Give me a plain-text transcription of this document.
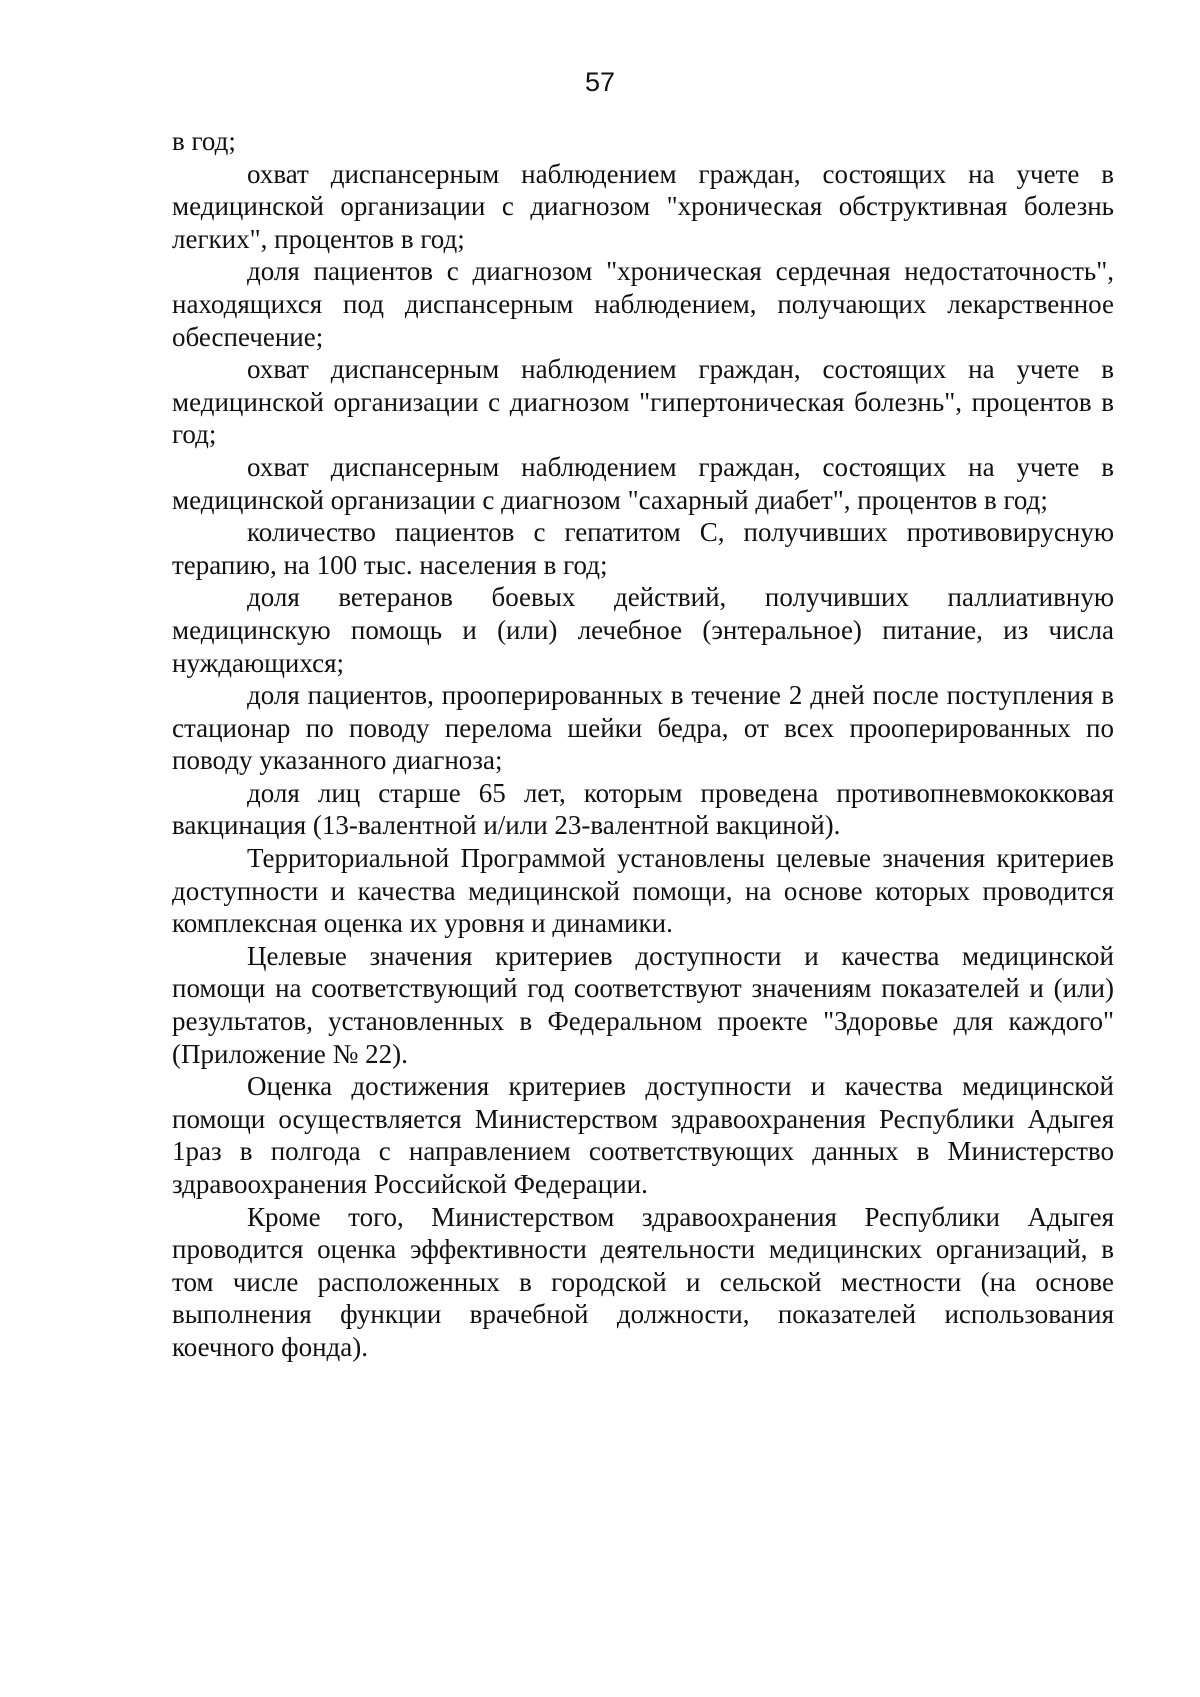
57

в год;

охват диспансерным наблюдением граждан, состоящих на учете в медицинской организации с диагнозом "хроническая обструктивная болезнь легких", процентов в год;

доля пациентов с диагнозом "хроническая сердечная недостаточность", находящихся под диспансерным наблюдением, получающих лекарственное обеспечение;

охват диспансерным наблюдением граждан, состоящих на учете в медицинской организации с диагнозом "гипертоническая болезнь", процентов в год;

охват диспансерным наблюдением граждан, состоящих на учете в медицинской организации с диагнозом "сахарный диабет", процентов в год;

количество пациентов с гепатитом С, получивших противовирусную терапию, на 100 тыс. населения в год;

доля ветеранов боевых действий, получивших паллиативную медицинскую помощь и (или) лечебное (энтеральное) питание, из числа нуждающихся;

доля пациентов, прооперированных в течение 2 дней после поступления в стационар по поводу перелома шейки бедра, от всех прооперированных по поводу указанного диагноза;

доля лиц старше 65 лет, которым проведена противопневмококковая вакцинация (13-валентной и/или 23-валентной вакциной).

Территориальной Программой установлены целевые значения критериев доступности и качества медицинской помощи, на основе которых проводится комплексная оценка их уровня и динамики.

Целевые значения критериев доступности и качества медицинской помощи на соответствующий год соответствуют значениям показателей и (или) результатов, установленных в Федеральном проекте "Здоровье для каждого" (Приложение № 22).

Оценка достижения критериев доступности и качества медицинской помощи осуществляется Министерством здравоохранения Республики Адыгея 1раз в полгода с направлением соответствующих данных в Министерство здравоохранения Российской Федерации.

Кроме того, Министерством здравоохранения Республики Адыгея проводится оценка эффективности деятельности медицинских организаций, в том числе расположенных в городской и сельской местности (на основе выполнения функции врачебной должности, показателей использования коечного фонда).
